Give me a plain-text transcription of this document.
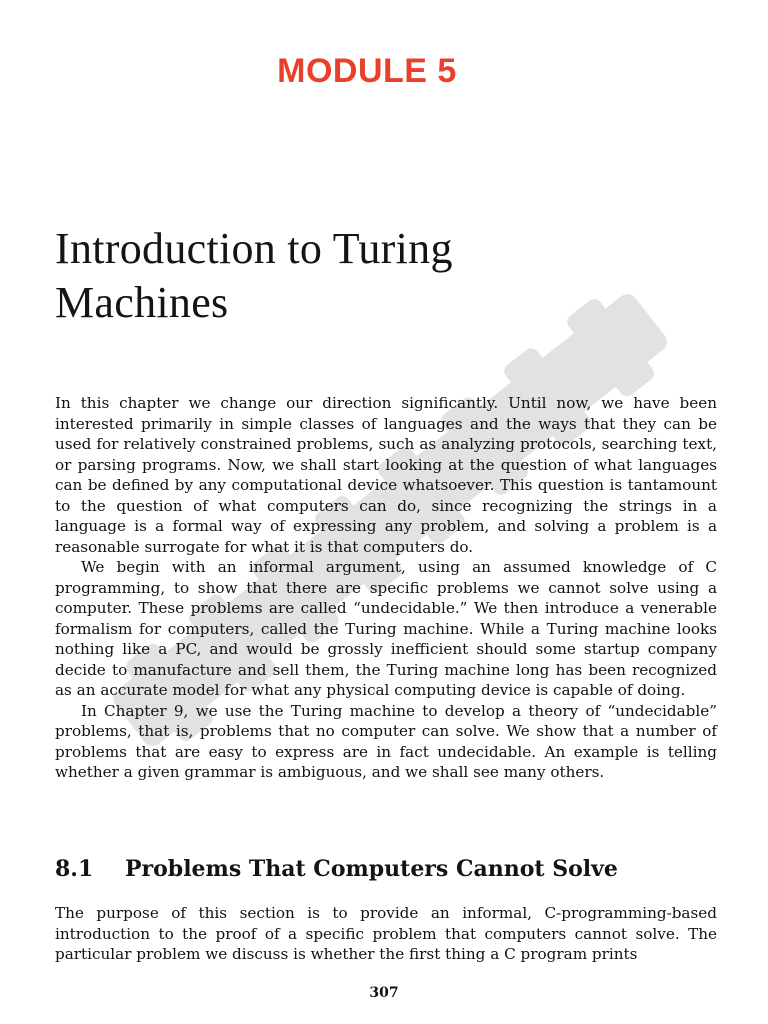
MODULE 5
Introduction to Turing
Machines

In this chapter we change our direction significantly. Until now, we have been interested primarily in simple classes of languages and the ways that they can be used for relatively constrained problems, such as analyzing protocols, searching text, or parsing programs. Now, we shall start looking at the question of what languages can be defined by any computational device whatsoever. This question is tantamount to the question of what computers can do, since recognizing the strings in a language is a formal way of expressing any problem, and solving a problem is a reasonable surrogate for what it is that computers do.

We begin with an informal argument, using an assumed knowledge of C programming, to show that there are specific problems we cannot solve using a computer. These problems are called “undecidable.” We then introduce a venerable formalism for computers, called the Turing machine. While a Turing machine looks nothing like a PC, and would be grossly inefficient should some startup company decide to manufacture and sell them, the Turing machine long has been recognized as an accurate model for what any physical computing device is capable of doing.

In Chapter 9, we use the Turing machine to develop a theory of “undecidable” problems, that is, problems that no computer can solve. We show that a number of problems that are easy to express are in fact undecidable. An example is telling whether a given grammar is ambiguous, and we shall see many others.

8.1 Problems That Computers Cannot Solve

The purpose of this section is to provide an informal, C-programming-based introduction to the proof of a specific problem that computers cannot solve. The particular problem we discuss is whether the first thing a C program prints

307
